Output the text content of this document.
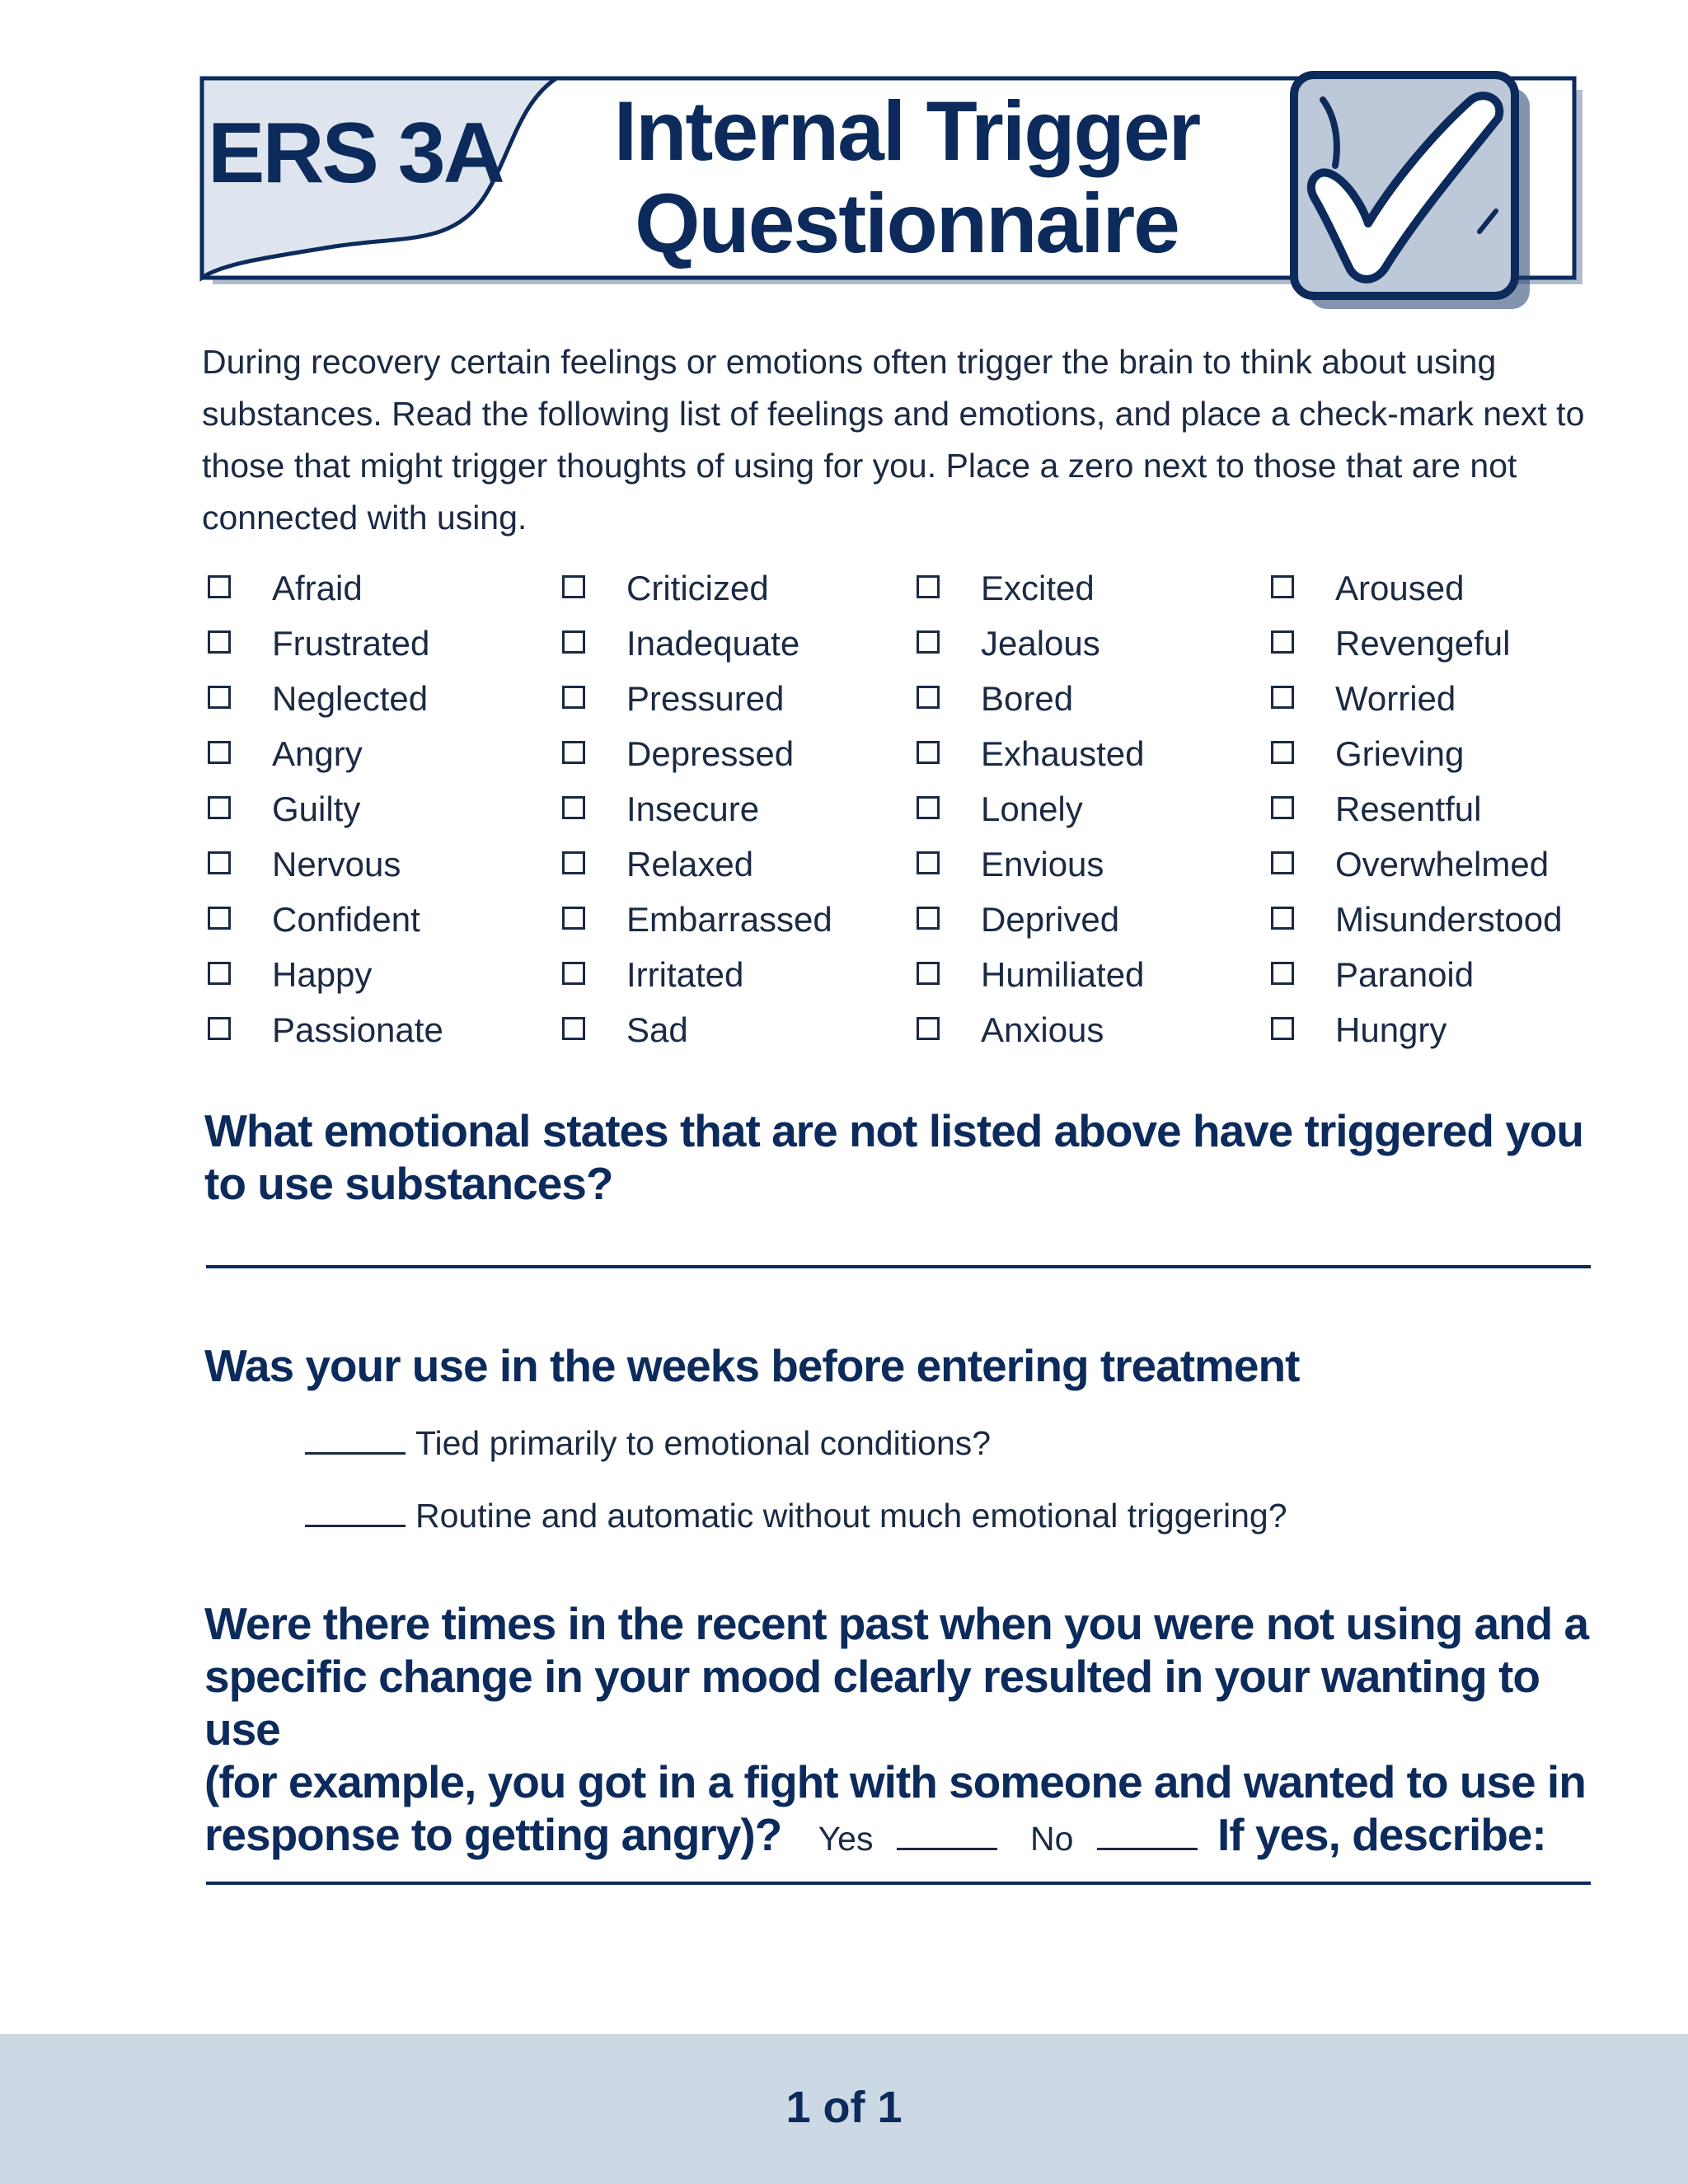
ERS 3A	Internal Trigger
Questionnaire
During recovery certain feelings or emotions often trigger the brain to think about using substances. Read the following list of feelings and emotions, and place a check-mark next to those that might trigger thoughts of using for you. Place a zero next to those that are not connected with using.
Afraid	Criticized	Excited	Aroused
Frustrated	Inadequate	Jealous	Revengeful
Neglected	Pressured	Bored	Worried
Angry	Depressed	Exhausted	Grieving
Guilty	Insecure	Lonely	Resentful
Nervous	Relaxed	Envious	Overwhelmed
Confident	Embarrassed	Deprived	Misunderstood
Happy	Irritated	Humiliated	Paranoid
Passionate	Sad	Anxious	Hungry
What emotional states that are not listed above have triggered you to use substances?
Was your use in the weeks before entering treatment
Tied primarily to emotional conditions?
Routine and automatic without much emotional triggering?
Were there times in the recent past when you were not using and a
specific change in your mood clearly resulted in your wanting to use
(for example, you got in a fight with someone and wanted to use in
response to getting angry)? Yes	No	If yes, describe:
1 of 1
